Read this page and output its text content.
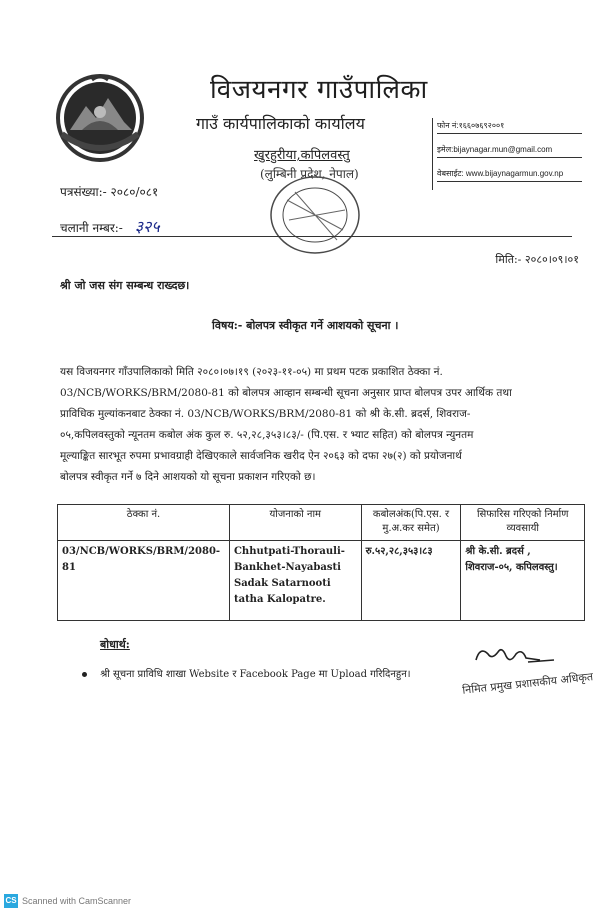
विजयनगर गाउँपालिका
गाउँ कार्यपालिकाको कार्यालय
खुरहुरीया,कपिलवस्तु
(लुम्बिनी प्रदेश, नेपाल)
फोन नं:१६६०७६९२००१
इमेल:bijaynagar.mun@gmail.com
वेबसाईट: www.bijaynagarmun.gov.np
पत्रसंख्या:- २०८०/०८१
चलानी नम्बर:- ३२५
मिति:- २०८०।०९।०१
श्री जो जस संग सम्बन्ध राख्दछ।
विषय:- बोलपत्र स्वीकृत गर्ने आशयको सूचना ।
यस विजयनगर गाँउपालिकाको मिति २०८०।०७।१९ (२०२३-११-०५) मा प्रथम पटक प्रकाशित ठेक्का नं.
03/NCB/WORKS/BRM/2080-81 को बोलपत्र आव्हान सम्बन्धी सूचना अनुसार प्राप्त बोलपत्र उपर आर्थिक तथा
प्राविधिक मुल्यांकनबाट ठेक्का नं. 03/NCB/WORKS/BRM/2080-81 को श्री के.सी. ब्रदर्स, शिवराज-
०५,कपिलवस्तुको न्यूनतम कबोल अंक कुल रु. ५२,२८,३५३।८३/- (पि.एस. र भ्याट सहित) को बोलपत्र न्युनतम
मूल्याङ्कित सारभूत रुपमा प्रभावग्राही देखिएकाले सार्वजनिक खरीद ऐन २०६३ को दफा २७(२) को प्रयोजनार्थ
बोलपत्र स्वीकृत गर्ने ७ दिने आशयको यो सूचना प्रकाशन गरिएको छ।
ठेक्का नं.	योजनाको नाम	कबोलअंक(पि.एस. र मु.अ.कर समेत)	सिफारिस गरिएको निर्माण व्यवसायी
03/NCB/WORKS/BRM/2080-81	Chhutpati-Thorauli-Bankhet-Nayabasti Sadak Satarnooti tatha Kalopatre.	रु.५२,२८,३५३।८३	श्री के.सी. ब्रदर्स , शिवराज-०५, कपिलवस्तु।
बोधार्थ:
श्री सूचना प्राविधि शाखा Website र Facebook Page मा Upload गरिदिनहुन।	निमित प्रमुख प्रशासकीय अधिकृत
CS Scanned with CamScanner
